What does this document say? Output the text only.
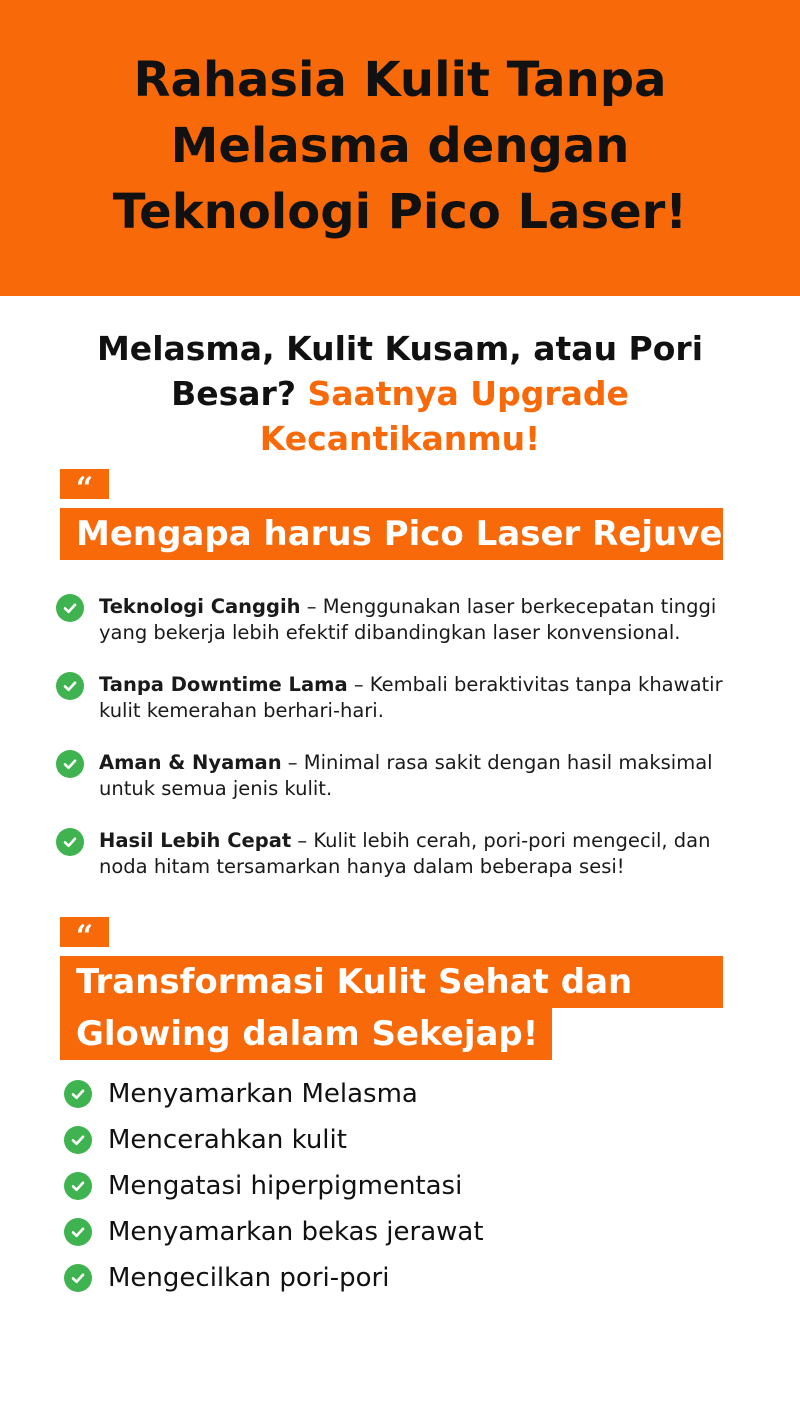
Rahasia Kulit Tanpa Melasma dengan Teknologi Pico Laser!
Melasma, Kulit Kusam, atau Pori Besar? Saatnya Upgrade Kecantikanmu!
“
Mengapa harus Pico Laser Rejuve ?
Teknologi Canggih – Menggunakan laser berkecepatan tinggi yang bekerja lebih efektif dibandingkan laser konvensional.
Tanpa Downtime Lama – Kembali beraktivitas tanpa khawatir kulit kemerahan berhari-hari.
Aman & Nyaman – Minimal rasa sakit dengan hasil maksimal untuk semua jenis kulit.
Hasil Lebih Cepat – Kulit lebih cerah, pori-pori mengecil, dan noda hitam tersamarkan hanya dalam beberapa sesi!
“
Transformasi Kulit Sehat dan
Glowing dalam Sekejap!
Menyamarkan Melasma
Mencerahkan kulit
Mengatasi hiperpigmentasi
Menyamarkan bekas jerawat
Mengecilkan pori-pori
